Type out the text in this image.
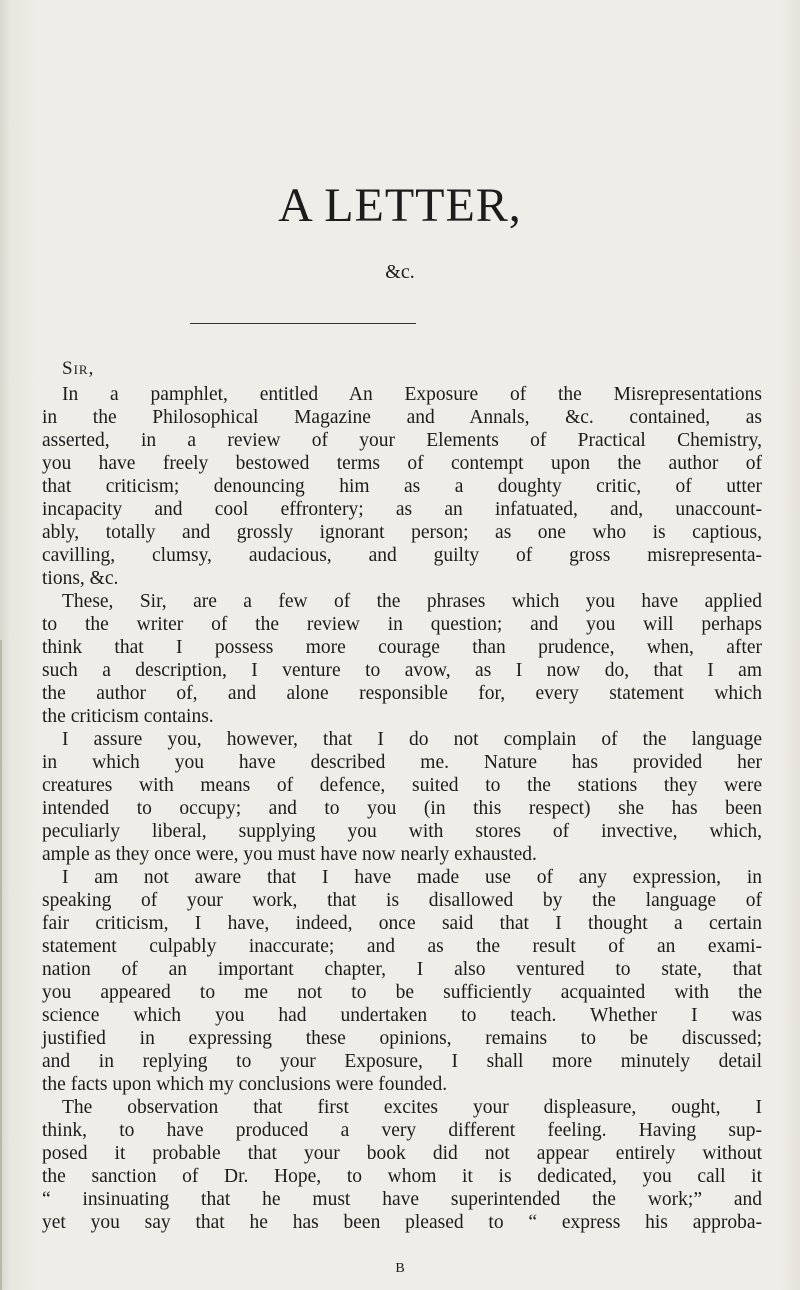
A LETTER,
&c.
Sir,
In a pamphlet, entitled An Exposure of the Misrepresentations
in the Philosophical Magazine and Annals, &c. contained, as
asserted, in a review of your Elements of Practical Chemistry,
you have freely bestowed terms of contempt upon the author of
that criticism; denouncing him as a doughty critic, of utter
incapacity and cool effrontery; as an infatuated, and, unaccount-
ably, totally and grossly ignorant person; as one who is captious,
cavilling, clumsy, audacious, and guilty of gross misrepresenta-
tions, &c.
These, Sir, are a few of the phrases which you have applied
to the writer of the review in question; and you will perhaps
think that I possess more courage than prudence, when, after
such a description, I venture to avow, as I now do, that I am
the author of, and alone responsible for, every statement which
the criticism contains.
I assure you, however, that I do not complain of the language
in which you have described me. Nature has provided her
creatures with means of defence, suited to the stations they were
intended to occupy; and to you (in this respect) she has been
peculiarly liberal, supplying you with stores of invective, which,
ample as they once were, you must have now nearly exhausted.
I am not aware that I have made use of any expression, in
speaking of your work, that is disallowed by the language of
fair criticism, I have, indeed, once said that I thought a certain
statement culpably inaccurate; and as the result of an exami-
nation of an important chapter, I also ventured to state, that
you appeared to me not to be sufficiently acquainted with the
science which you had undertaken to teach. Whether I was
justified in expressing these opinions, remains to be discussed;
and in replying to your Exposure, I shall more minutely detail
the facts upon which my conclusions were founded.
The observation that first excites your displeasure, ought, I
think, to have produced a very different feeling. Having sup-
posed it probable that your book did not appear entirely without
the sanction of Dr. Hope, to whom it is dedicated, you call it
“ insinuating that he must have superintended the work;” and
yet you say that he has been pleased to “ express his approba-
B
